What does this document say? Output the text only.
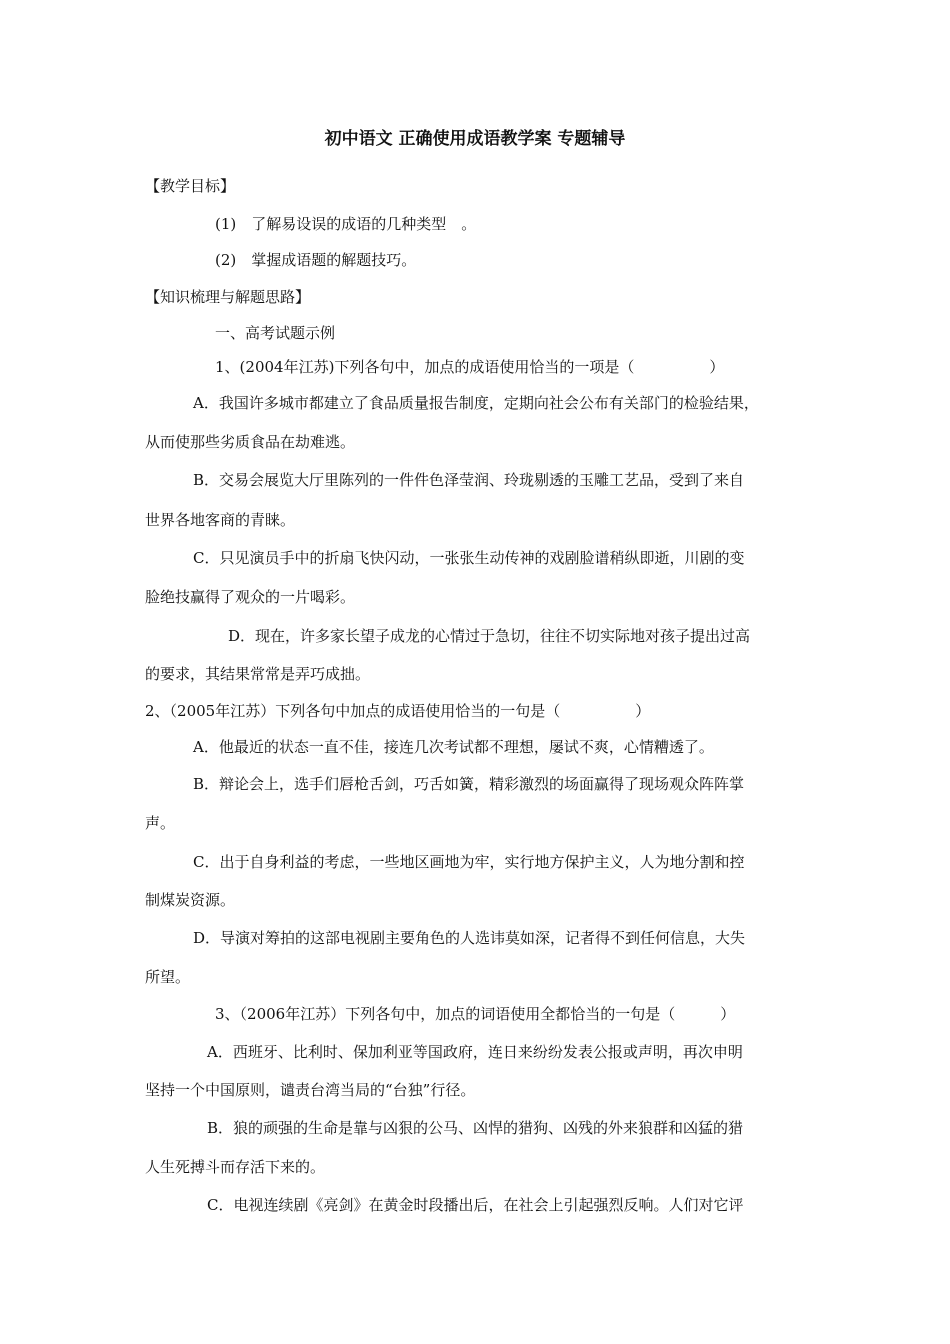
初中语文 正确使用成语教学案 专题辅导
【教学目标】
(1)　了解易设误的成语的几种类型　。
(2)　掌握成语题的解题技巧。
【知识梳理与解题思路】
一、高考试题示例
1、(2004年江苏)下列各句中，加点的成语使用恰当的一项是（　　　　　）
A．我国许多城市都建立了食品质量报告制度，定期向社会公布有关部门的检验结果，
从而使那些劣质食品在劫难逃。
B．交易会展览大厅里陈列的一件件色泽莹润、玲珑剔透的玉雕工艺品，受到了来自
世界各地客商的青睐。
C．只见演员手中的折扇飞快闪动，一张张生动传神的戏剧脸谱稍纵即逝，川剧的变
脸绝技赢得了观众的一片喝彩。
D．现在，许多家长望子成龙的心情过于急切，往往不切实际地对孩子提出过高
的要求，其结果常常是弄巧成拙。
2、（2005年江苏）下列各句中加点的成语使用恰当的一句是（　　　　　）
A．他最近的状态一直不佳，接连几次考试都不理想，屡试不爽，心情糟透了。
B．辩论会上，选手们唇枪舌剑，巧舌如簧，精彩激烈的场面赢得了现场观众阵阵掌
声。
C．出于自身利益的考虑，一些地区画地为牢，实行地方保护主义，人为地分割和控
制煤炭资源。
D．导演对筹拍的这部电视剧主要角色的人选讳莫如深，记者得不到任何信息，大失
所望。
3、（2006年江苏）下列各句中，加点的词语使用全都恰当的一句是（　　　）
A．西班牙、比利时、保加利亚等国政府，连日来纷纷发表公报或声明，再次申明
坚持一个中国原则，谴责台湾当局的“台独”行径。
B．狼的顽强的生命是靠与凶狠的公马、凶悍的猎狗、凶残的外来狼群和凶猛的猎
人生死搏斗而存活下来的。
C．电视连续剧《亮剑》在黄金时段播出后，在社会上引起强烈反响。人们对它评
